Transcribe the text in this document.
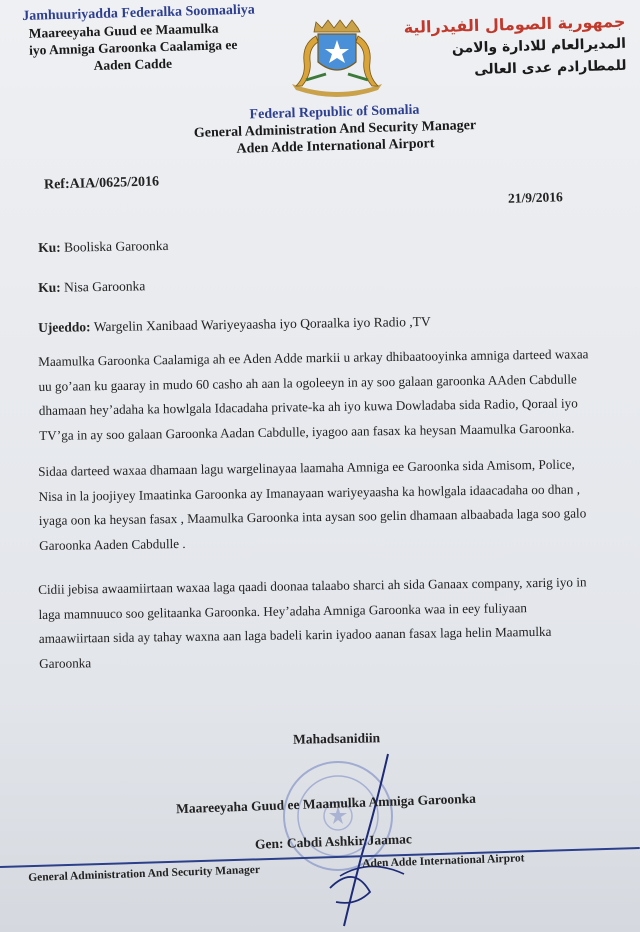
Jamhuuriyadda Federalka Soomaaliya
Maareeyaha Guud ee Maamulka
iyo Amniga Garoonka Caalamiga ee
Aaden Cadde
جمهورية الصومال الفيدرالية
المديرالعام للادارة والامن
للمطارادم عدى العالى
Federal Republic of Somalia
General Administration And Security Manager
Aden Adde International Airport
Ref:AIA/0625/2016
21/9/2016
Ku: Booliska Garoonka
Ku: Nisa Garoonka
Ujeeddo: Wargelin Xanibaad Wariyeyaasha iyo Qoraalka iyo Radio ,TV
Maamulka Garoonka Caalamiga ah ee Aden Adde markii u arkay dhibaatooyinka amniga darteed waxaa
uu go’aan ku gaaray in mudo 60 casho ah aan la ogoleeyn in ay soo galaan garoonka AAden Cabdulle
dhamaan hey’adaha ka howlgala Idacadaha private-ka ah iyo kuwa Dowladaba sida Radio, Qoraal iyo
TV’ga in ay soo galaan Garoonka Aadan Cabdulle, iyagoo aan fasax ka heysan Maamulka Garoonka.
Sidaa darteed waxaa dhamaan lagu wargelinayaa laamaha Amniga ee Garoonka sida Amisom, Police,
Nisa in la joojiyey Imaatinka Garoonka ay Imanayaan wariyeyaasha ka howlgala idaacadaha oo dhan ,
iyaga oon ka heysan fasax , Maamulka Garoonka inta aysan soo gelin dhamaan albaabada laga soo galo
Garoonka Aaden Cabdulle .
Cidii jebisa awaamiirtaan waxaa laga qaadi doonaa talaabo sharci ah sida Ganaax company, xarig iyo in
laga mamnuuco soo gelitaanka Garoonka. Hey’adaha Amniga Garoonka waa in eey fuliyaan
amaawiirtaan sida ay tahay waxna aan laga badeli karin iyadoo aanan fasax laga helin Maamulka
Garoonka
Mahadsanidiin
Maareeyaha Guud ee Maamulka Amniga Garoonka
Gen: Cabdi Ashkir Jaamac
General Administration And Security Manager
Aden Adde International Airprot
